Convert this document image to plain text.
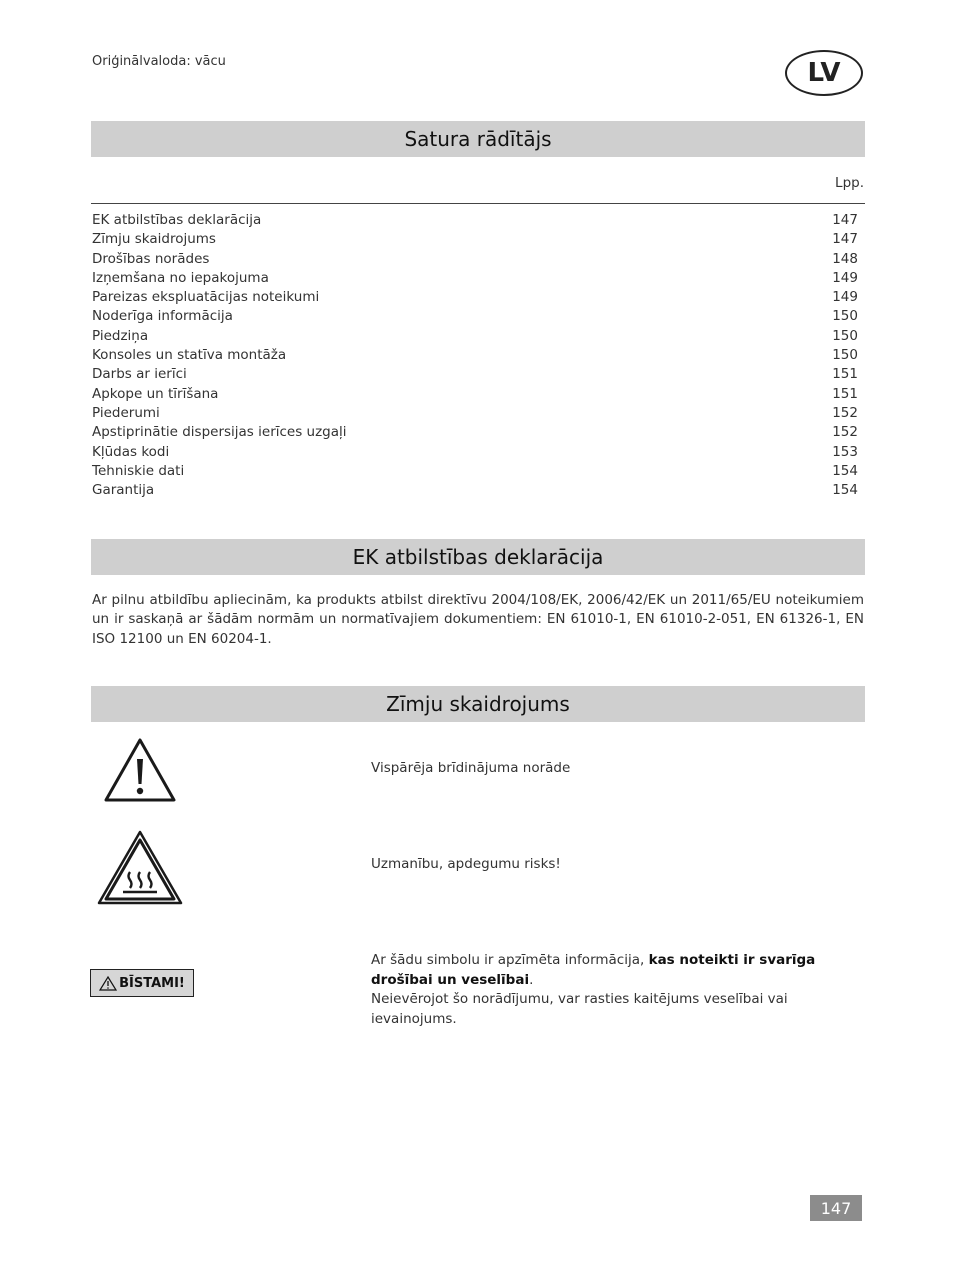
Oriģinālvaloda: vācu	LV
Satura rādītājs
Lpp.
EK atbilstības deklarācija	147
Zīmju skaidrojums	147
Drošības norādes	148
Izņemšana no iepakojuma	149
Pareizas ekspluatācijas noteikumi	149
Noderīga informācija	150
Piedziņa	150
Konsoles un statīva montāža	150
Darbs ar ierīci	151
Apkope un tīrīšana	151
Piederumi	152
Apstiprinātie dispersijas ierīces uzgaļi	152
Kļūdas kodi	153
Tehniskie dati	154
Garantija	154
EK atbilstības deklarācija
Ar pilnu atbildību apliecinām, ka produkts atbilst direktīvu 2004/108/EK, 2006/42/EK un 2011/65/EU noteikumiem un ir saskaņā ar šādām normām un normatīvajiem dokumentiem: EN 61010-1, EN 61010-2-051, EN 61326-1, EN ISO 12100 un EN 60204-1.
Zīmju skaidrojums
Vispārēja brīdinājuma norāde
Uzmanību, apdegumu risks!
BĪSTAMI!
Ar šādu simbolu ir apzīmēta informācija, kas noteikti ir svarīga drošībai un veselībai.
Neievērojot šo norādījumu, var rasties kaitējums veselībai vai ievainojums.
147
